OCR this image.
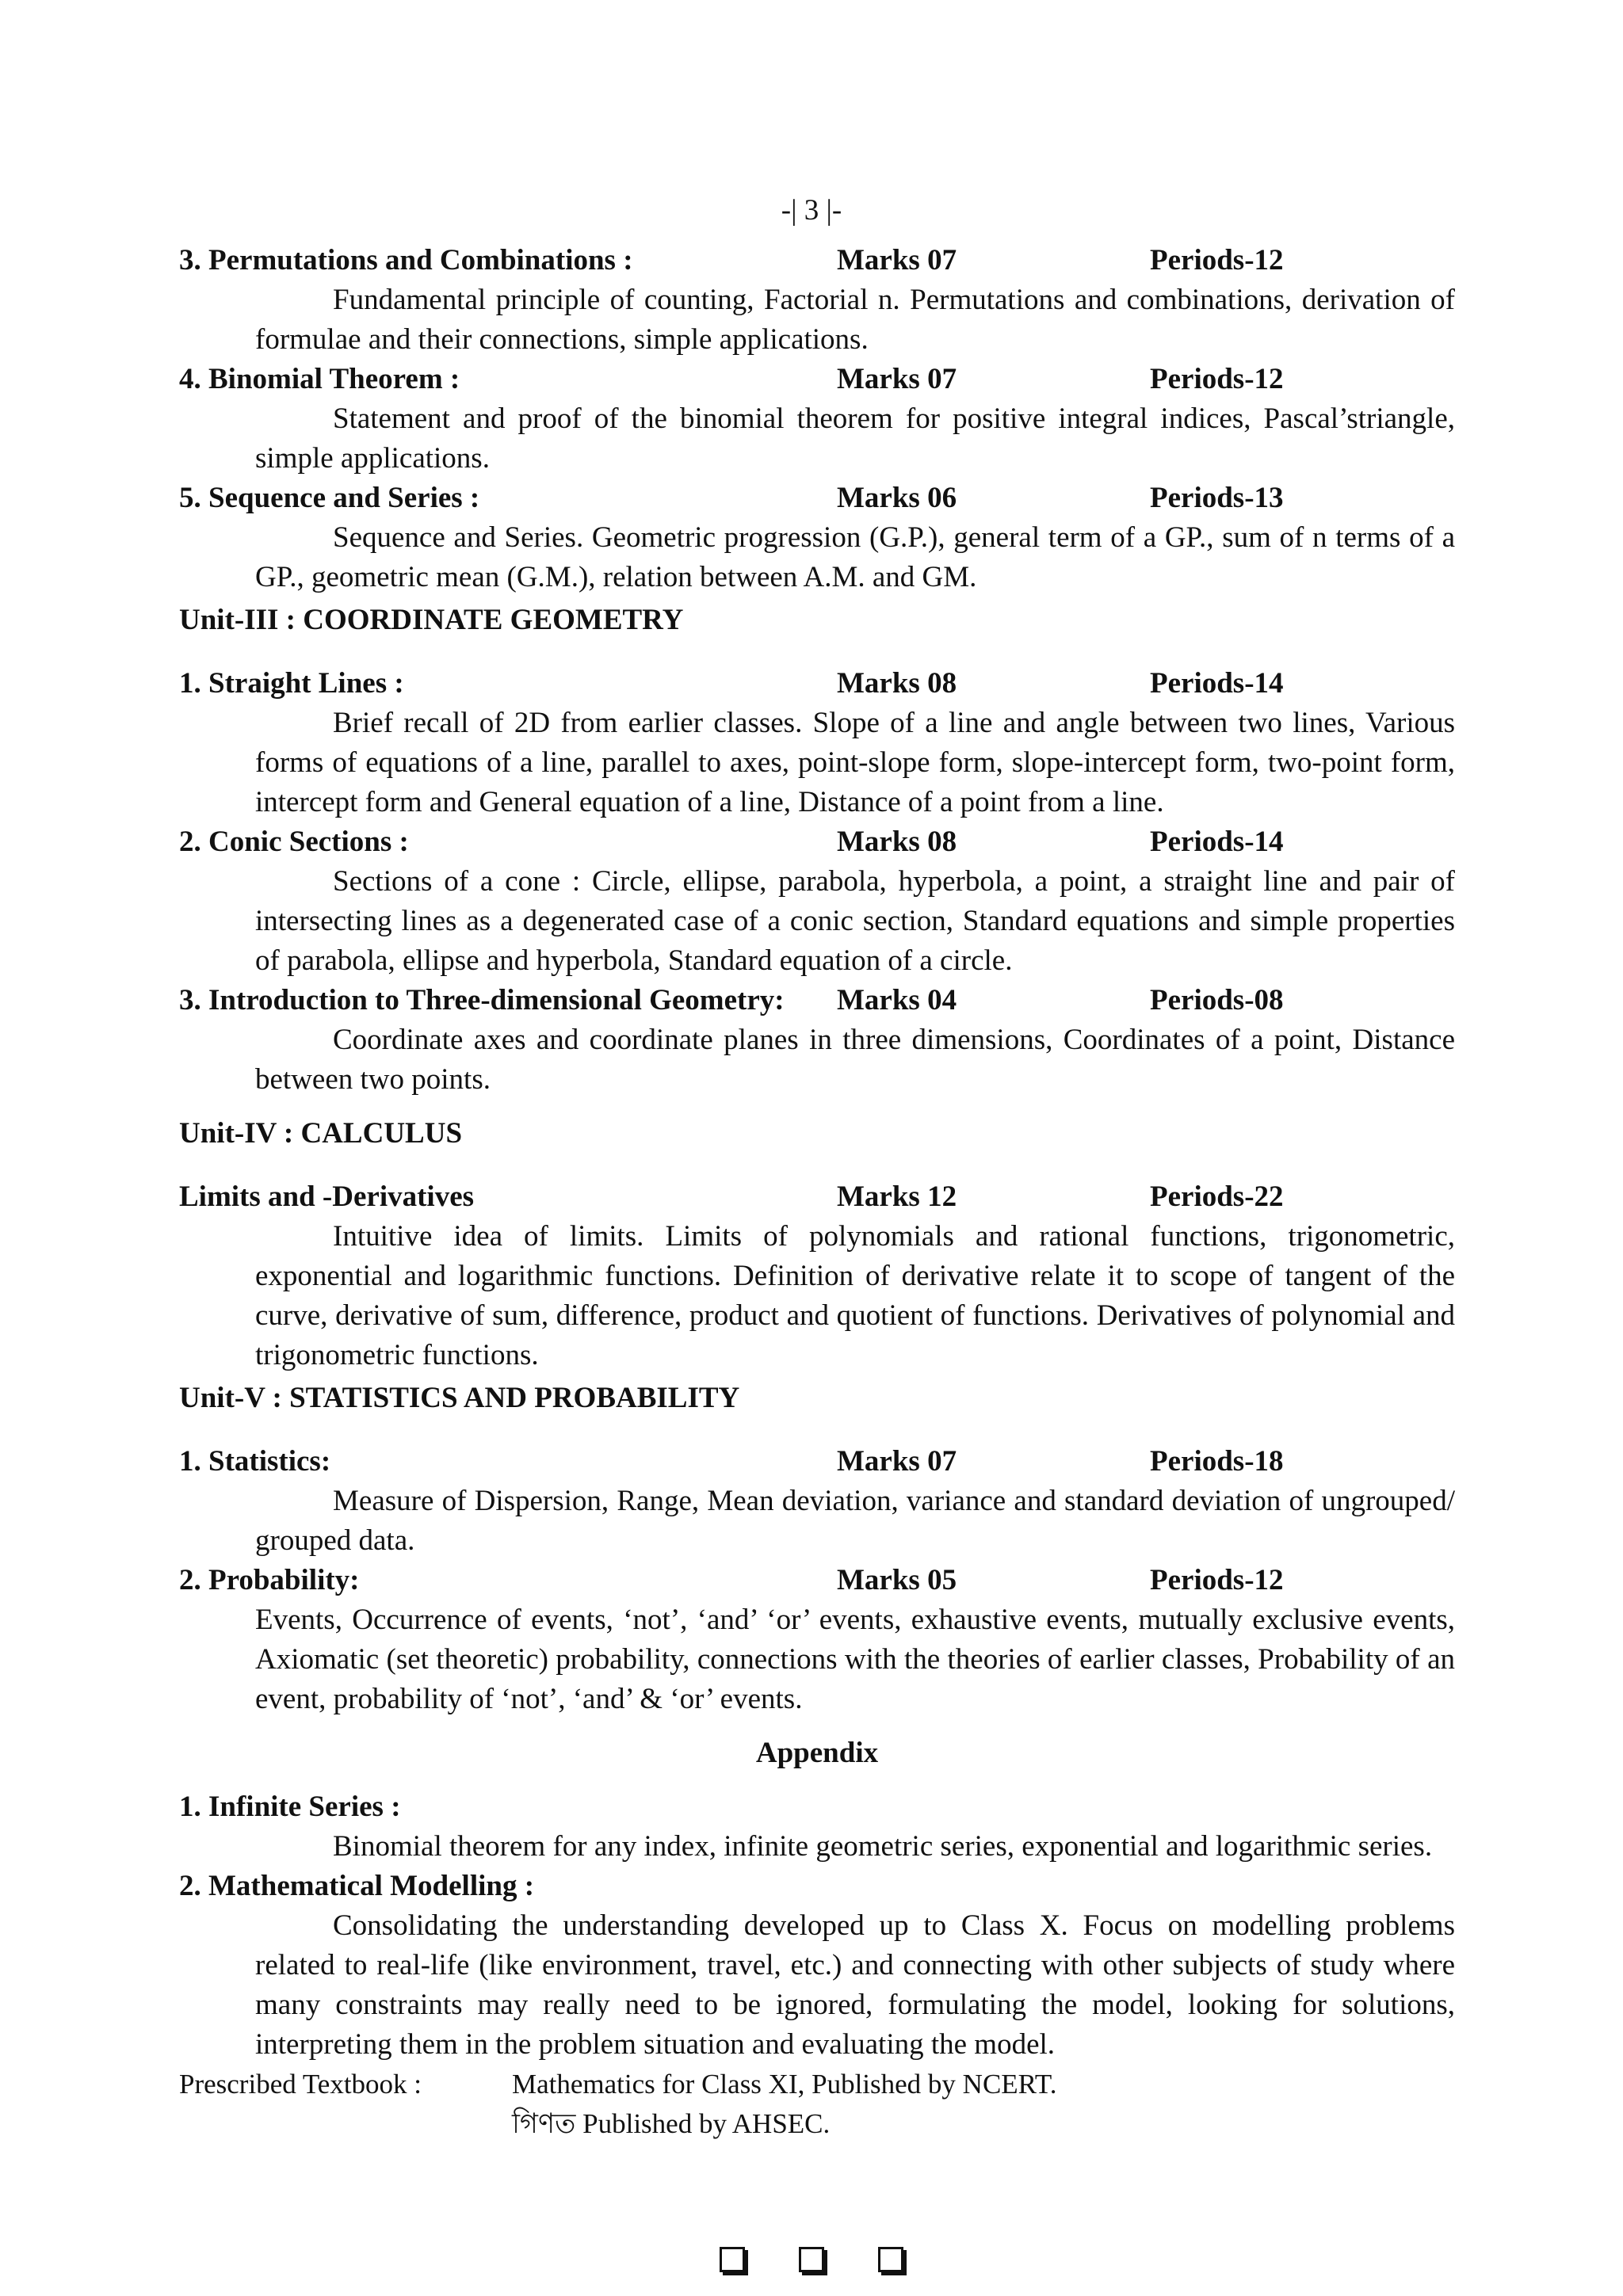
-| 3 |-
3. Permutations and Combinations :	Marks 07	Periods-12

Fundamental principle of counting, Factorial n. Permutations and combinations, derivation of formulae and their connections, simple applications.

4. Binomial Theorem :	Marks 07	Periods-12

Statement and proof of the binomial theorem for positive integral indices, Pascal’striangle, simple applications.

5. Sequence and Series :	Marks 06	Periods-13

Sequence and Series. Geometric progression (G.P.), general term of a GP., sum of n terms of a GP., geometric mean (G.M.), relation between A.M. and GM.

Unit-III : COORDINATE GEOMETRY
1. Straight Lines :	Marks 08	Periods-14

Brief recall of 2D from earlier classes. Slope of a line and angle between two lines, Various forms of equations of a line, parallel to axes, point-slope form, slope-intercept form, two-point form, intercept form and General equation of a line, Distance of a point from a line.

2. Conic Sections :	Marks 08	Periods-14

Sections of a cone : Circle, ellipse, parabola, hyperbola, a point, a straight line and pair of intersecting lines as a degenerated case of a conic section, Standard equations and simple properties of parabola, ellipse and hyperbola, Standard equation of a circle.

3. Introduction to Three-dimensional Geometry: Marks 04	Periods-08

Coordinate axes and coordinate planes in three dimensions, Coordinates of a point, Distance between two points.

Unit-IV : CALCULUS
Limits and -Derivatives	Marks 12	Periods-22

Intuitive idea of limits. Limits of polynomials and rational functions, trigonometric, exponential and logarithmic functions. Definition of derivative relate it to scope of tangent of the curve, derivative of sum, difference, product and quotient of functions. Derivatives of polynomial and trigonometric functions.

Unit-V : STATISTICS AND PROBABILITY
1. Statistics:	Marks 07	Periods-18

Measure of Dispersion, Range, Mean deviation, variance and standard deviation of ungrouped/ grouped data.

2. Probability:	Marks 05	Periods-12

Events, Occurrence of events, ‘not’, ‘and’ ‘or’ events, exhaustive events, mutually exclusive events, Axiomatic (set theoretic) probability, connections with the theories of earlier classes, Probability of an event, probability of ‘not’, ‘and’ & ‘or’ events.

Appendix
1. Infinite Series :

Binomial theorem for any index, infinite geometric series, exponential and logarithmic series.

2. Mathematical Modelling :

Consolidating the understanding developed up to Class X. Focus on modelling problems related to real-life (like environment, travel, etc.) and connecting with other subjects of study where many constraints may really need to be ignored, formulating the model, looking for solutions, interpreting them in the problem situation and evaluating the model.

Prescribed Textbook :	Mathematics for Class XI, Published by NCERT.
গিণত Published by AHSEC.
